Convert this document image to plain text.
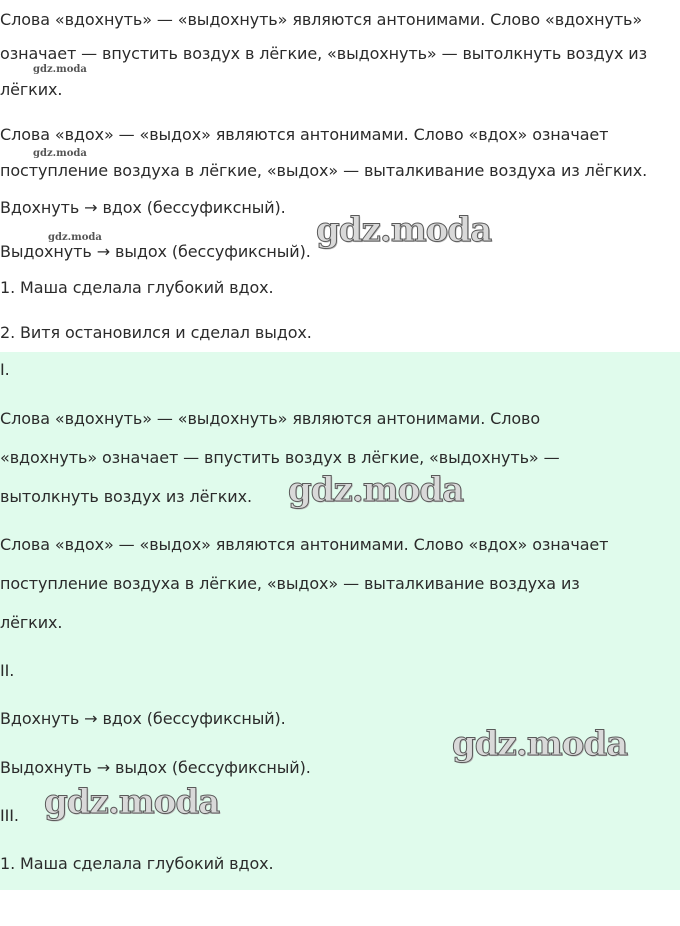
Слова «вдохнуть» — «выдохнуть» являются антонимами. Слово «вдохнуть»

означает — впустить воздух в лёгкие, «выдохнуть» — вытолкнуть воздух из

лёгких.

Слова «вдох» — «выдох» являются антонимами. Слово «вдох» означает

поступление воздуха в лёгкие, «выдох» — выталкивание воздуха из лёгких.

Вдохнуть → вдох (бессуфиксный).

Выдохнуть → выдох (бессуфиксный).

1. Маша сделала глубокий вдох.

2. Витя остановился и сделал выдох.

I.

Слова «вдохнуть» — «выдохнуть» являются антонимами. Слово

«вдохнуть» означает — впустить воздух в лёгкие, «выдохнуть» —

вытолкнуть воздух из лёгких.

Слова «вдох» — «выдох» являются антонимами. Слово «вдох» означает

поступление воздуха в лёгкие, «выдох» — выталкивание воздуха из

лёгких.

II.

Вдохнуть → вдох (бессуфиксный).

Выдохнуть → выдох (бессуфиксный).

III.

1. Маша сделала глубокий вдох.

gdz.moda
gdz.moda
gdz.moda	gdz.moda
gdz.moda
gdz.moda
gdz.moda
